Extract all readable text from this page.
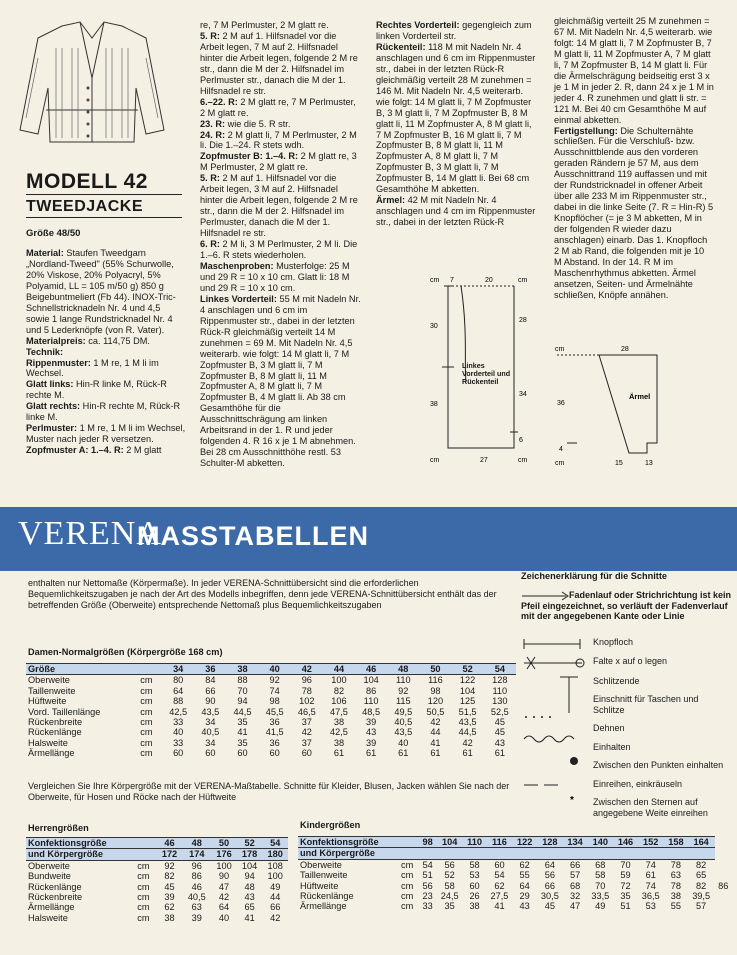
MODELL 42
TWEEDJACKE
Größe 48/50

Material: Staufen Tweedgarn „Nordland-Tweed" (55% Schurwolle, 20% Viskose, 20% Polyacryl, 5% Polyamid, LL = 105 m/50 g) 850 g Beigebuntmeliert (Fb 44). INOX-Tric-Schnellstricknadeln Nr. 4 und 4,5 sowie 1 lange Rundstricknadel Nr. 4 und 5 Lederknöpfe (von R. Vater).

Materialpreis: ca. 114,75 DM.

Technik:

Rippenmuster: 1 M re, 1 M li im Wechsel.

Glatt links: Hin-R linke M, Rück-R rechte M.

Glatt rechts: Hin-R rechte M, Rück-R linke M.

Perlmuster: 1 M re, 1 M li im Wechsel, Muster nach jeder R versetzen.

Zopfmuster A: 1.–4. R: 2 M glatt

re, 7 M Perlmuster, 2 M glatt re.

5. R: 2 M auf 1. Hilfsnadel vor die Arbeit legen, 7 M auf 2. Hilfsnadel hinter die Arbeit legen, folgende 2 M re str., dann die M der 2. Hilfsnadel im Perlmuster str., danach die M der 1. Hilfsnadel re str.

6.–22. R: 2 M glatt re, 7 M Perlmuster, 2 M glatt re.

23. R: wie die 5. R str.

24. R: 2 M glatt li, 7 M Perlmuster, 2 M li. Die 1.–24. R stets wdh.

Zopfmuster B: 1.–4. R: 2 M glatt re, 3 M Perlmuster, 2 M glatt re.

5. R: 2 M auf 1. Hilfsnadel vor die Arbeit legen, 3 M auf 2. Hilfsnadel hinter die Arbeit legen, folgende 2 M re str., dann die M der 2. Hilfsnadel im Perlmuster, danach die M der 1. Hilfsnadel re str.

6. R: 2 M li, 3 M Perlmuster, 2 M li. Die 1.–6. R stets wiederholen.

Maschenproben: Musterfolge: 25 M und 29 R = 10 x 10 cm. Glatt li: 18 M und 29 R = 10 x 10 cm.

Linkes Vorderteil: 55 M mit Nadeln Nr. 4 anschlagen und 6 cm im Rippenmuster str., dabei in der letzten Rück-R gleichmäßig verteilt 14 M zunehmen = 69 M. Mit Nadeln Nr. 4,5 weiterarb. wie folgt: 14 M glatt li, 7 M Zopfmuster B, 3 M glatt li, 7 M Zopfmuster B, 8 M glatt li, 11 M Zopfmuster A, 8 M glatt li, 7 M Zopfmuster B, 4 M glatt li. Ab 38 cm Gesamthöhe für die Ausschnittschrägung am linken Arbeitsrand in der 1. R und jeder folgenden 4. R 16 x je 1 M abnehmen. Bei 28 cm Ausschnitthöhe restl. 53 Schulter-M abketten.

Rechtes Vorderteil: gegengleich zum linken Vorderteil str.

Rückenteil: 118 M mit Nadeln Nr. 4 anschlagen und 6 cm im Rippenmuster str., dabei in der letzten Rück-R gleichmäßig verteilt 28 M zunehmen = 146 M. Mit Nadeln Nr. 4,5 weiterarb. wie folgt: 14 M glatt li, 7 M Zopfmuster B, 3 M glatt li, 7 M Zopfmuster B, 8 M glatt li, 11 M Zopfmuster A, 8 M glatt li, 7 M Zopfmuster B, 16 M glatt li, 7 M Zopfmuster B, 8 M glatt li, 11 M Zopfmuster A, 8 M glatt li, 7 M Zopfmuster B, 3 M glatt li, 7 M Zopfmuster B, 14 M glatt li. Bei 68 cm Gesamthöhe M abketten.

Ärmel: 42 M mit Nadeln Nr. 4 anschlagen und 4 cm im Rippenmuster str., dabei in der letzten Rück-R

gleichmäßig verteilt 25 M zunehmen = 67 M. Mit Nadeln Nr. 4,5 weiterarb. wie folgt: 14 M glatt li, 7 M Zopfmuster B, 7 M glatt li, 11 M Zopfmuster A, 7 M glatt li, 7 M Zopfmuster B, 14 M glatt li. Für die Ärmelschrägung beidseitig erst 3 x je 1 M in jeder 2. R, dann 24 x je 1 M in jeder 4. R zunehmen und glatt li str. = 121 M. Bei 40 cm Gesamthöhe M auf einmal abketten.

Fertigstellung: Die Schulternähte schließen. Für die Verschluß- bzw. Ausschnittblende aus den vorderen geraden Rändern je 57 M, aus dem Ausschnittrand 119 auffassen und mit der Rundstricknadel in offener Arbeit über alle 233 M im Rippenmuster str., dabei in die linke Seite (7. R = Hin-R) 5 Knopflöcher (= je 3 M abketten, M in der folgenden R wieder dazu anschlagen) einarb. Das 1. Knopfloch 2 M ab Rand, die folgenden mit je 10 M Abstand. In der 14. R M im Maschenrhythmus abketten. Ärmel ansetzen, Seiten- und Ärmelnähte schließen, Knöpfe annähen.

cm 7	20	cm
30
38
28
34
6
Linkes Vorderteil und Rückenteil
cm	27	cm
cm	28
Ärmel
36
4
cm	15	13
VERENA
MASSTABELLEN
enthalten nur Nettomaße (Körpermaße). In jeder VERENA-Schnittübersicht sind die erforderlichen Bequemlichkeitszugaben je nach der Art des Modells inbegriffen, denn jede VERENA-Schnittübersicht enthält das der betreffenden Größe (Oberweite) entsprechende Nettomaß plus Bequemlichkeitszugaben
Damen-Normalgrößen (Körpergröße 168 cm)
Größe		34	36	38	40	42	44	46	48	50	52	54
Oberweite	cm	80	84	88	92	96	100	104	110	116	122	128
Taillenweite	cm	64	66	70	74	78	82	86	92	98	104	110
Hüftweite	cm	88	90	94	98	102	106	110	115	120	125	130
Vord. Taillenlänge	cm	42,5	43,5	44,5	45,5	46,5	47,5	48,5	49,5	50,5	51,5	52,5
Rückenbreite	cm	33	34	35	36	37	38	39	40,5	42	43,5	45
Rückenlänge	cm	40	40,5	41	41,5	42	42,5	43	43,5	44	44,5	45
Halsweite	cm	33	34	35	36	37	38	39	40	41	42	43
Ärmellänge	cm	60	60	60	60	60	61	61	61	61	61	61
Vergleichen Sie Ihre Körpergröße mit der VERENA-Maßtabelle. Schnitte für Kleider, Blusen, Jacken wählen Sie nach der Oberweite, für Hosen und Röcke nach der Hüftweite
Herrengrößen
Konfektionsgröße		46	48	50	52	54
und Körpergröße		172	174	176	178	180
Oberweite	cm	92	96	100	104	108
Bundweite	cm	82	86	90	94	100
Rückenlänge	cm	45	46	47	48	49
Rückenbreite	cm	39	40,5	42	43	44
Ärmellänge	cm	62	63	64	65	66
Halsweite	cm	38	39	40	41	42
Kindergrößen
Konfektionsgröße		98	104	110	116	122	128	134	140	146	152	158	164	
und Körpergröße														
Oberweite	cm	54	56	58	60	62	64	66	68	70	74	78	82	
Taillenweite	cm	51	52	53	54	55	56	57	58	59	61	63	65	
Hüftweite	cm	56	58	60	62	64	66	68	70	72	74	78	82	86
Rückenlänge	cm	23	24,5	26	27,5	29	30,5	32	33,5	35	36,5	38	39,5	
Ärmellänge	cm	33	35	38	41	43	45	47	49	51	53	55	57	
Zeichenerklärung für die Schnitte
*
Fadenlauf oder Strichrichtung ist kein Pfeil eingezeichnet, so verläuft der Fadenverlauf mit der angegebenen Kante oder Linie
Knopfloch
Falte x auf o legen
Schlitzende
Einschnitt für Taschen und Schlitze
Dehnen
Einhalten
Zwischen den Punkten einhalten
Einreihen, einkräuseln
Zwischen den Sternen auf angegebene Weite einreihen
